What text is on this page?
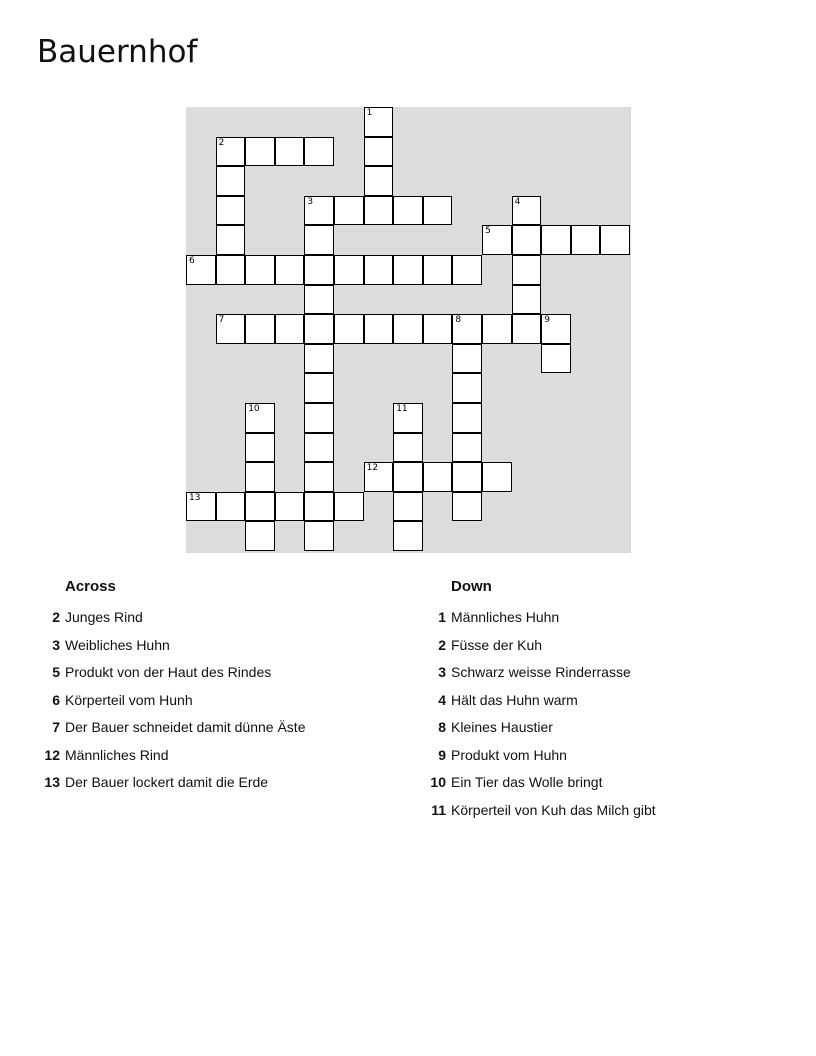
Bauernhof
1
2
3	4
5
6
7	8	9
10	11
12
13
Across
2 Junges Rind
3 Weibliches Huhn
5 Produkt von der Haut des Rindes
6 Körperteil vom Hunh
7 Der Bauer schneidet damit dünne Äste
12 Männliches Rind
13 Der Bauer lockert damit die Erde
Down
1 Männliches Huhn
2 Füsse der Kuh
3 Schwarz weisse Rinderrasse
4 Hält das Huhn warm
8 Kleines Haustier
9 Produkt vom Huhn
10 Ein Tier das Wolle bringt
11 Körperteil von Kuh das Milch gibt
